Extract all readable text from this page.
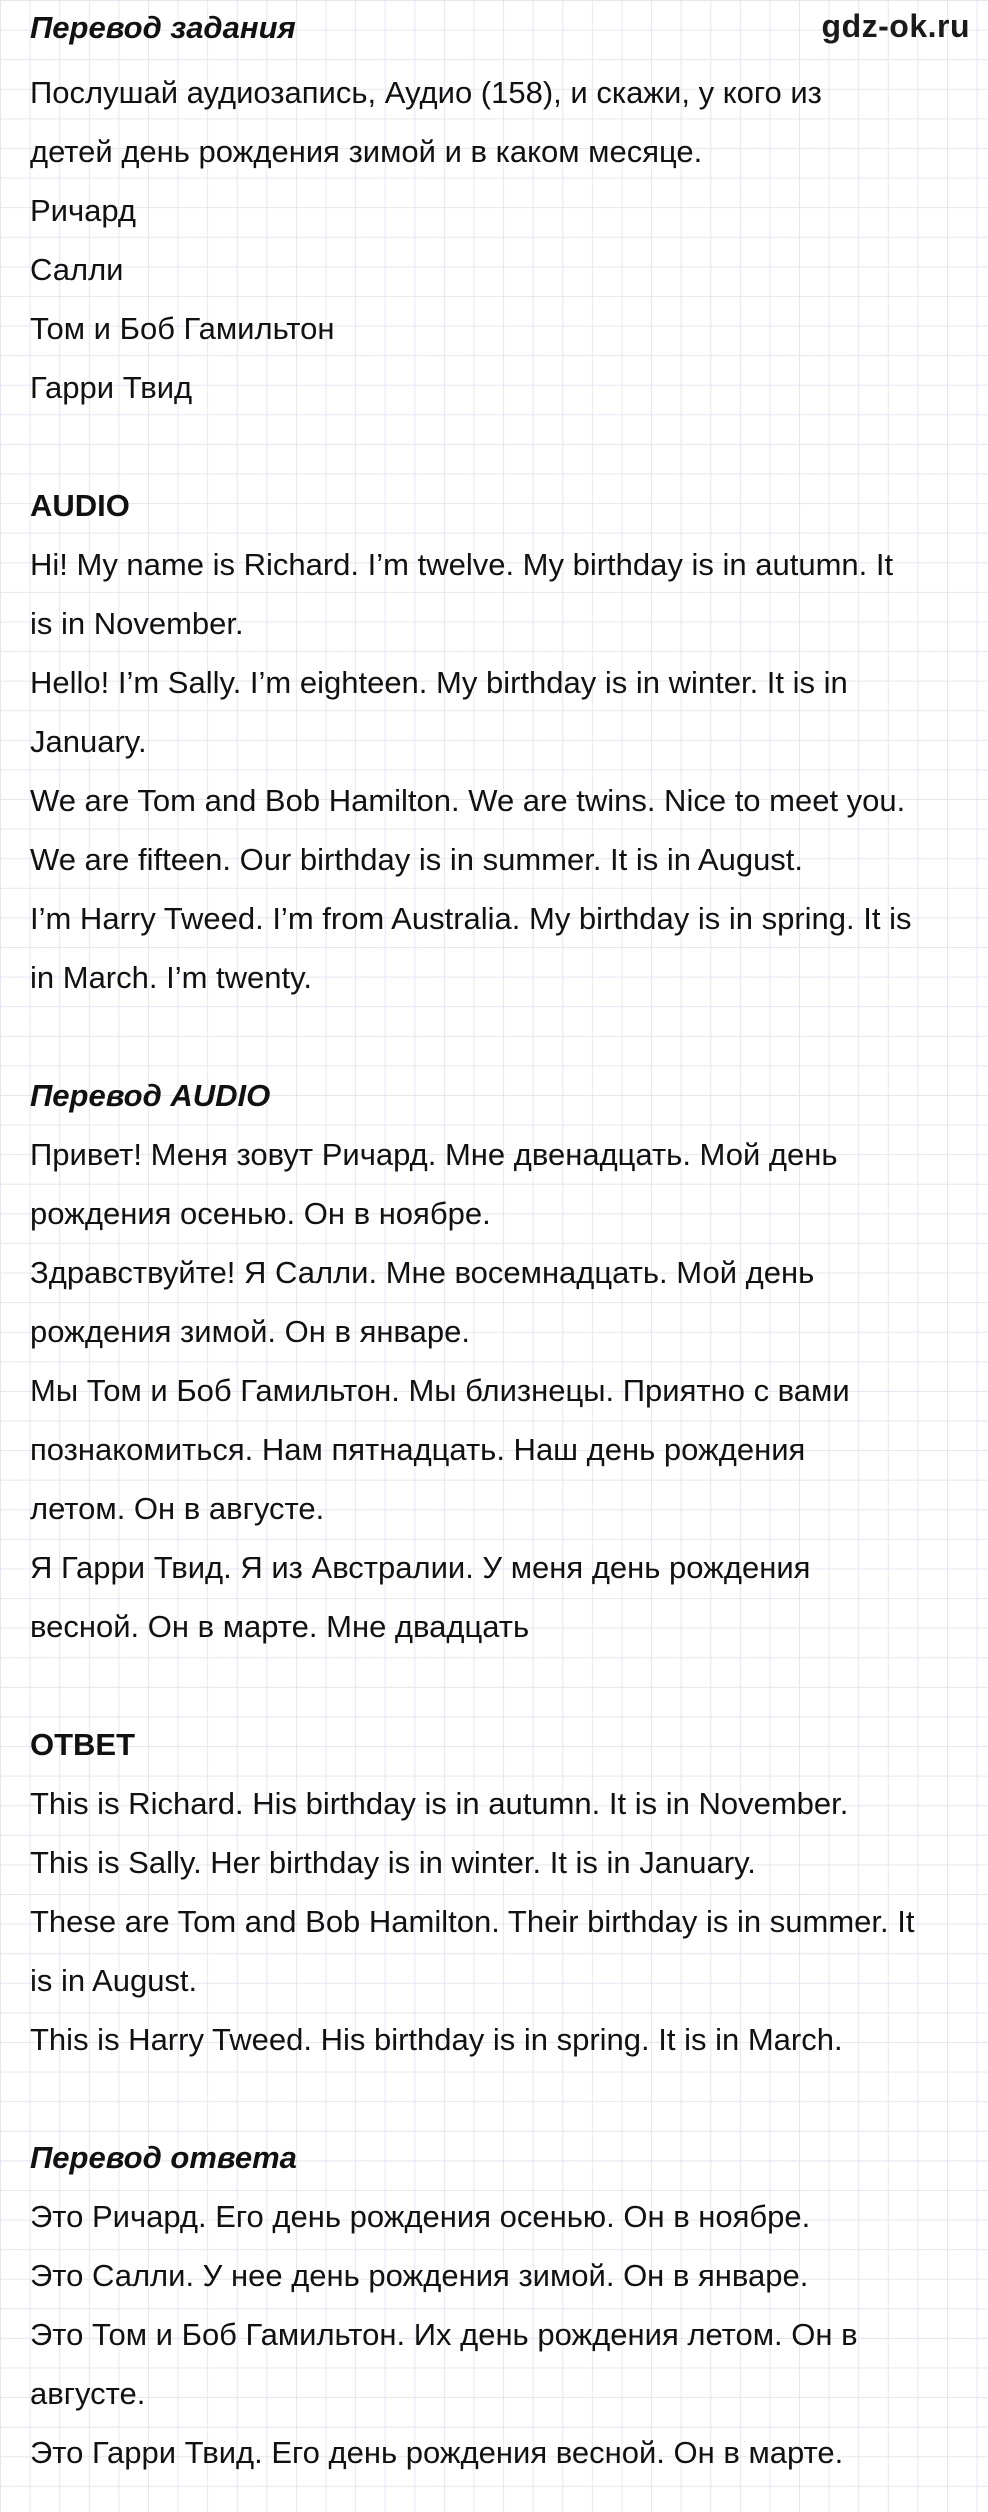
Перевод задания	gdz-ok.ru
Послушай аудиозапись, Аудио (158), и скажи, у кого из
детей день рождения зимой и в каком месяце.
Ричард
Салли
Том и Боб Гамильтон
Гарри Твид
AUDIO
Hi! My name is Richard. I’m twelve. My birthday is in autumn. It
is in November.
Hello! I’m Sally. I’m eighteen. My birthday is in winter. It is in
January.
We are Tom and Bob Hamilton. We are twins. Nice to meet you.
We are fifteen. Our birthday is in summer. It is in August.
I’m Harry Tweed. I’m from Australia. My birthday is in spring. It is
in March. I’m twenty.
Перевод AUDIO
Привет! Меня зовут Ричард. Мне двенадцать. Мой день
рождения осенью. Он в ноябре.
Здравствуйте! Я Салли. Мне восемнадцать. Мой день
рождения зимой. Он в январе.
Мы Том и Боб Гамильтон. Мы близнецы. Приятно с вами
познакомиться. Нам пятнадцать. Наш день рождения
летом. Он в августе.
Я Гарри Твид. Я из Австралии. У меня день рождения
весной. Он в марте. Мне двадцать
ОТВЕТ
This is Richard. His birthday is in autumn. It is in November.
This is Sally. Her birthday is in winter. It is in January.
These are Tom and Bob Hamilton. Their birthday is in summer. It
is in August.
This is Harry Tweed. His birthday is in spring. It is in March.
Перевод ответа
Это Ричард. Его день рождения осенью. Он в ноябре.
Это Салли. У нее день рождения зимой. Он в январе.
Это Том и Боб Гамильтон. Их день рождения летом. Он в
августе.
Это Гарри Твид. Его день рождения весной. Он в марте.
